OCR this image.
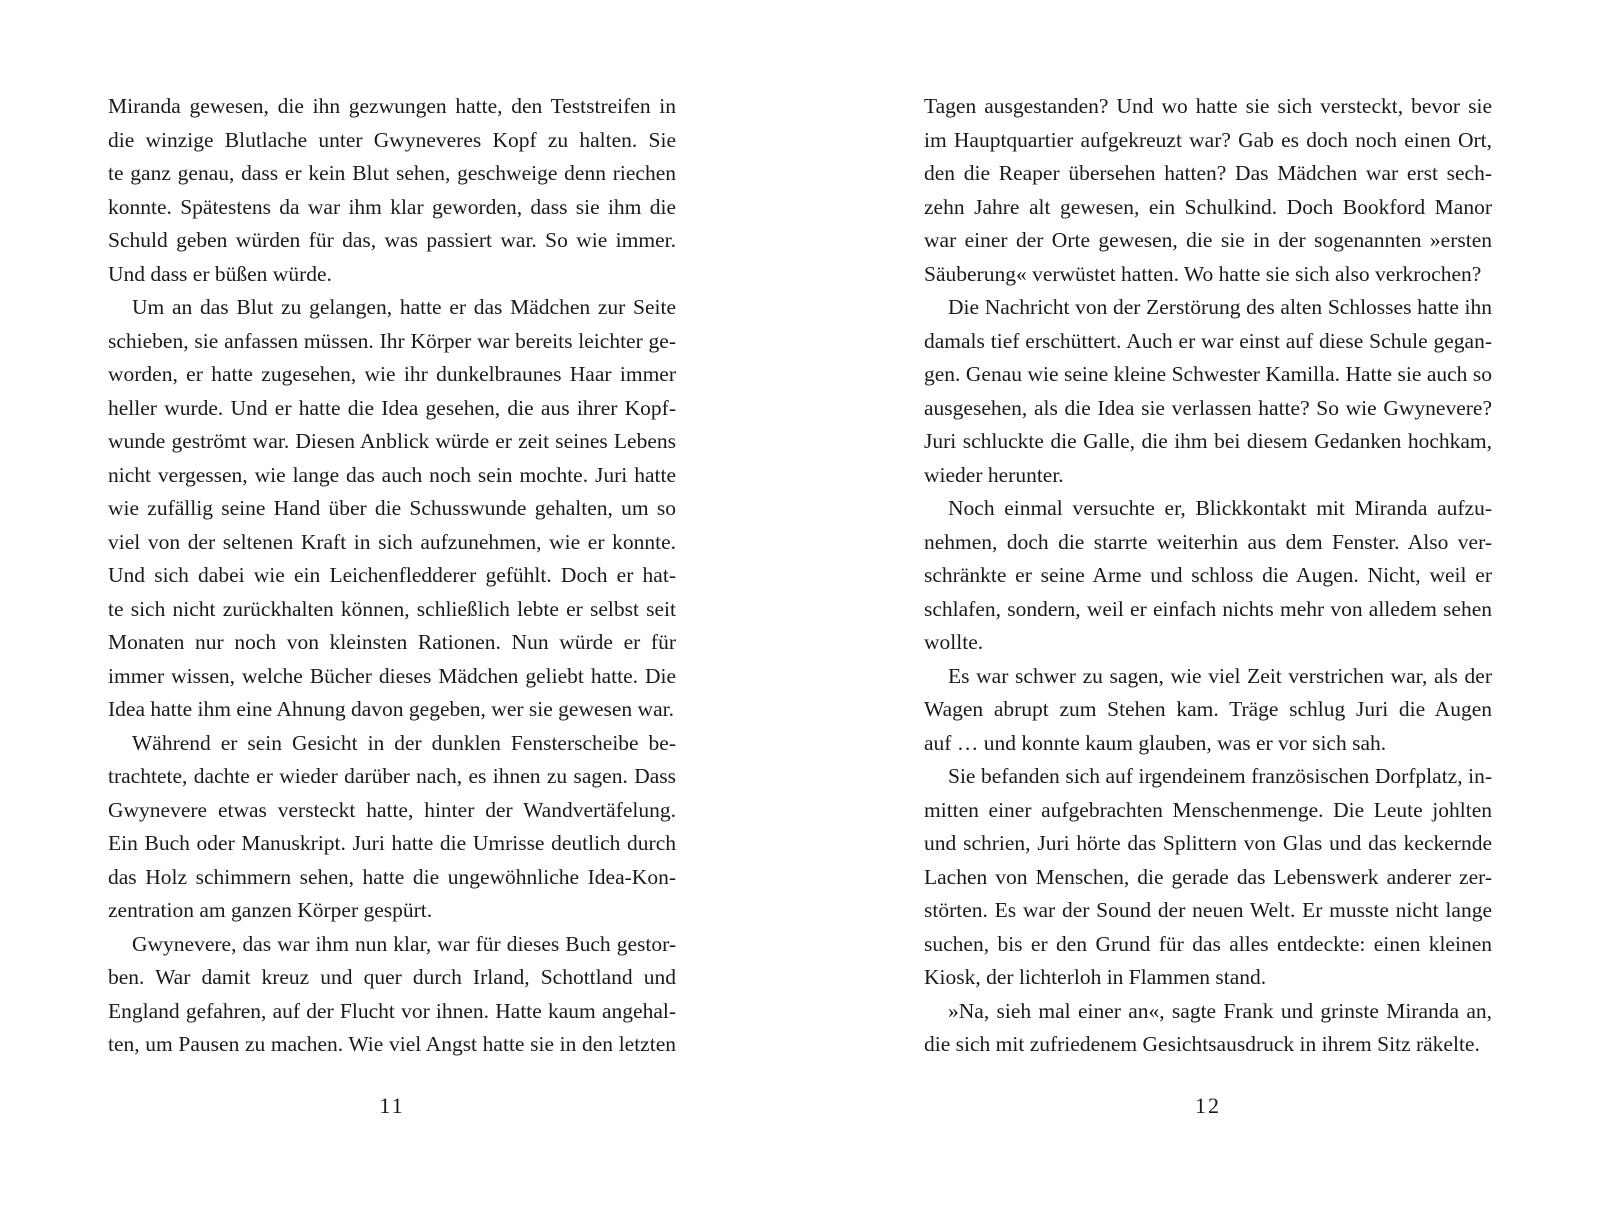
Miranda gewesen, die ihn gezwungen hatte, den Teststreifen in
die winzige Blutlache unter Gwyneveres Kopf zu halten. Sie
te ganz genau, dass er kein Blut sehen, geschweige denn riechen
konnte. Spätestens da war ihm klar geworden, dass sie ihm die
Schuld geben würden für das, was passiert war. So wie immer.
Und dass er büßen würde.
Um an das Blut zu gelangen, hatte er das Mädchen zur Seite
schieben, sie anfassen müssen. Ihr Körper war bereits leichter ge-
worden, er hatte zugesehen, wie ihr dunkelbraunes Haar immer
heller wurde. Und er hatte die Idea gesehen, die aus ihrer Kopf-
wunde geströmt war. Diesen Anblick würde er zeit seines Lebens
nicht vergessen, wie lange das auch noch sein mochte. Juri hatte
wie zufällig seine Hand über die Schusswunde gehalten, um so
viel von der seltenen Kraft in sich aufzunehmen, wie er konnte.
Und sich dabei wie ein Leichenfledderer gefühlt. Doch er hat-
te sich nicht zurückhalten können, schließlich lebte er selbst seit
Monaten nur noch von kleinsten Rationen. Nun würde er für
immer wissen, welche Bücher dieses Mädchen geliebt hatte. Die
Idea hatte ihm eine Ahnung davon gegeben, wer sie gewesen war.
Während er sein Gesicht in der dunklen Fensterscheibe be-
trachtete, dachte er wieder darüber nach, es ihnen zu sagen. Dass
Gwynevere etwas versteckt hatte, hinter der Wandvertäfelung.
Ein Buch oder Manuskript. Juri hatte die Umrisse deutlich durch
das Holz schimmern sehen, hatte die ungewöhnliche Idea-Kon-
zentration am ganzen Körper gespürt.
Gwynevere, das war ihm nun klar, war für dieses Buch gestor-
ben. War damit kreuz und quer durch Irland, Schottland und
England gefahren, auf der Flucht vor ihnen. Hatte kaum angehal-
ten, um Pausen zu machen. Wie viel Angst hatte sie in den letzten
11
Tagen ausgestanden? Und wo hatte sie sich versteckt, bevor sie
im Hauptquartier aufgekreuzt war? Gab es doch noch einen Ort,
den die Reaper übersehen hatten? Das Mädchen war erst sech-
zehn Jahre alt gewesen, ein Schulkind. Doch Bookford Manor
war einer der Orte gewesen, die sie in der sogenannten »ersten
Säuberung« verwüstet hatten. Wo hatte sie sich also verkrochen?
Die Nachricht von der Zerstörung des alten Schlosses hatte ihn
damals tief erschüttert. Auch er war einst auf diese Schule gegan-
gen. Genau wie seine kleine Schwester Kamilla. Hatte sie auch so
ausgesehen, als die Idea sie verlassen hatte? So wie Gwynevere?
Juri schluckte die Galle, die ihm bei diesem Gedanken hochkam,
wieder herunter.
Noch einmal versuchte er, Blickkontakt mit Miranda aufzu-
nehmen, doch die starrte weiterhin aus dem Fenster. Also ver-
schränkte er seine Arme und schloss die Augen. Nicht, weil er
schlafen, sondern, weil er einfach nichts mehr von alledem sehen
wollte.
Es war schwer zu sagen, wie viel Zeit verstrichen war, als der
Wagen abrupt zum Stehen kam. Träge schlug Juri die Augen
auf … und konnte kaum glauben, was er vor sich sah.
Sie befanden sich auf irgendeinem französischen Dorfplatz, in-
mitten einer aufgebrachten Menschenmenge. Die Leute johlten
und schrien, Juri hörte das Splittern von Glas und das keckernde
Lachen von Menschen, die gerade das Lebenswerk anderer zer-
störten. Es war der Sound der neuen Welt. Er musste nicht lange
suchen, bis er den Grund für das alles entdeckte: einen kleinen
Kiosk, der lichterloh in Flammen stand.
»Na, sieh mal einer an«, sagte Frank und grinste Miranda an,
die sich mit zufriedenem Gesichtsausdruck in ihrem Sitz räkelte.
12
